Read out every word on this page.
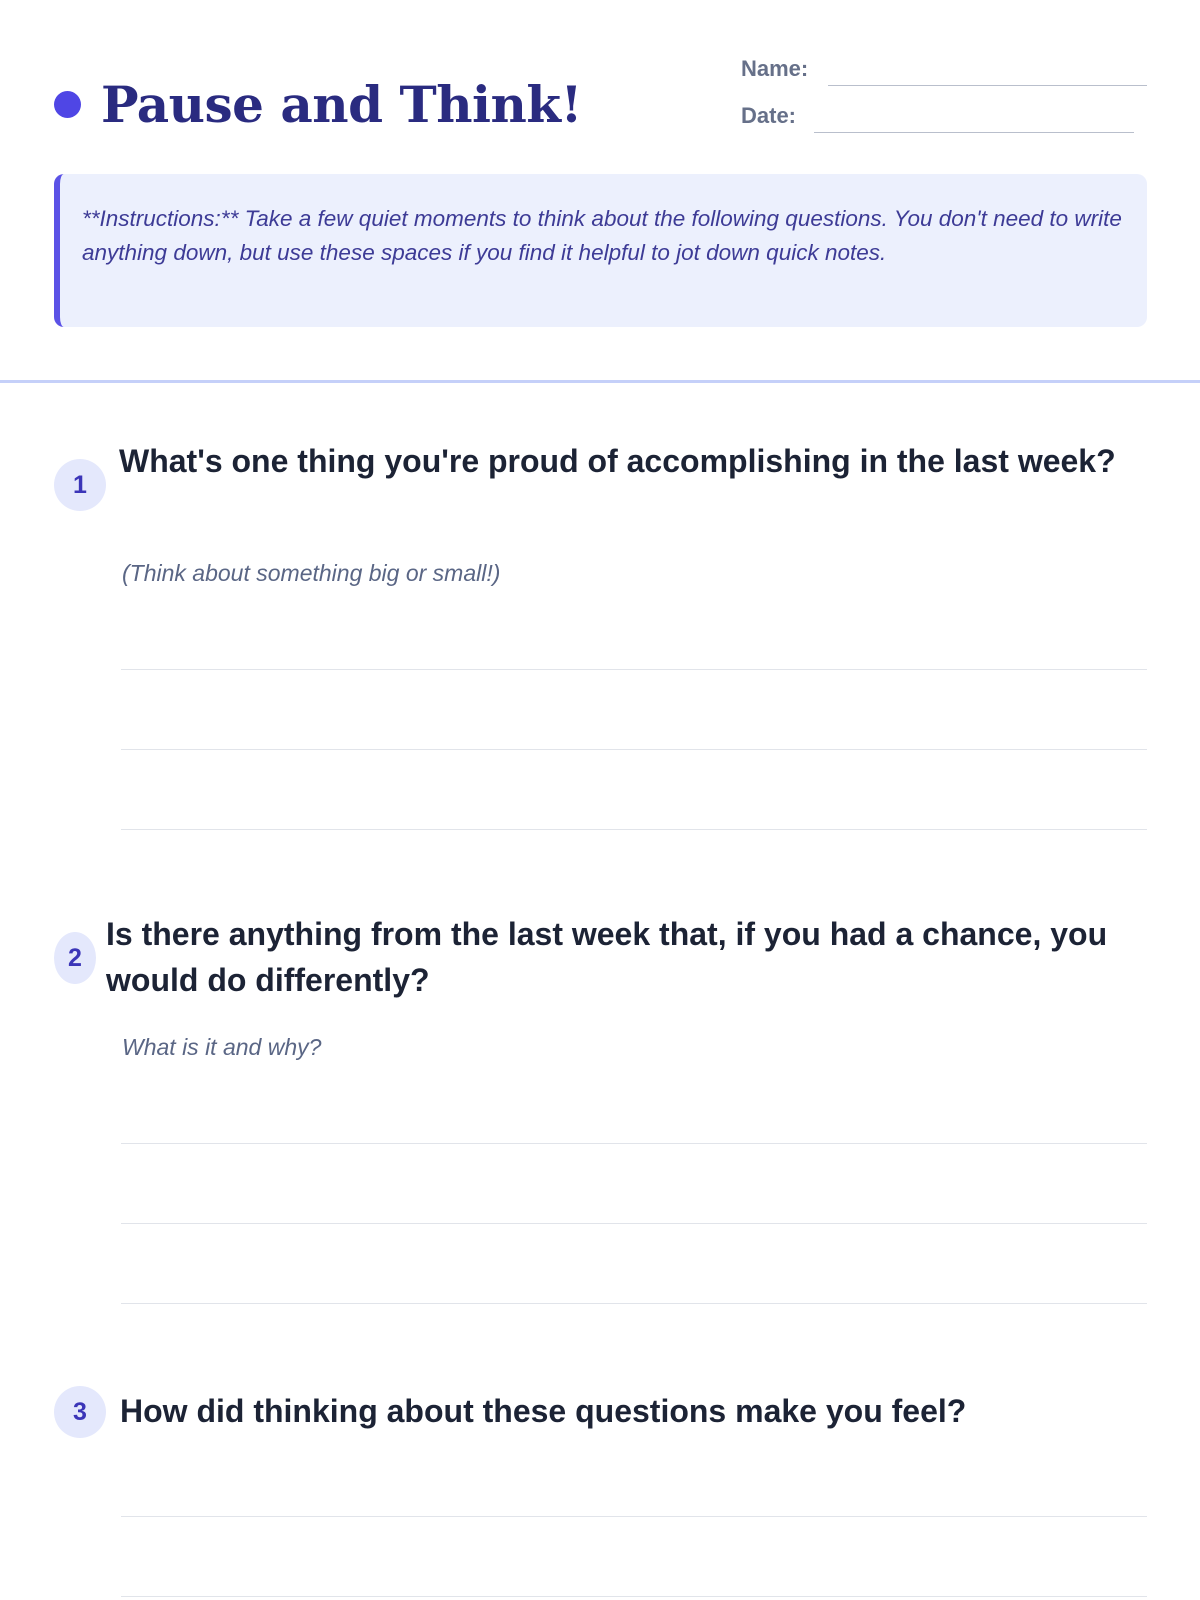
Pause and Think!
Name:
Date:

**Instructions:** Take a few quiet moments to think about the following questions. You don't need to write anything down, but use these spaces if you find it helpful to jot down quick notes.

1

What's one thing you're proud of accomplishing in the last week?

(Think about something big or small!)

2

Is there anything from the last week that, if you had a chance, you would do differently?

What is it and why?

3	How did thinking about these questions make you feel?
